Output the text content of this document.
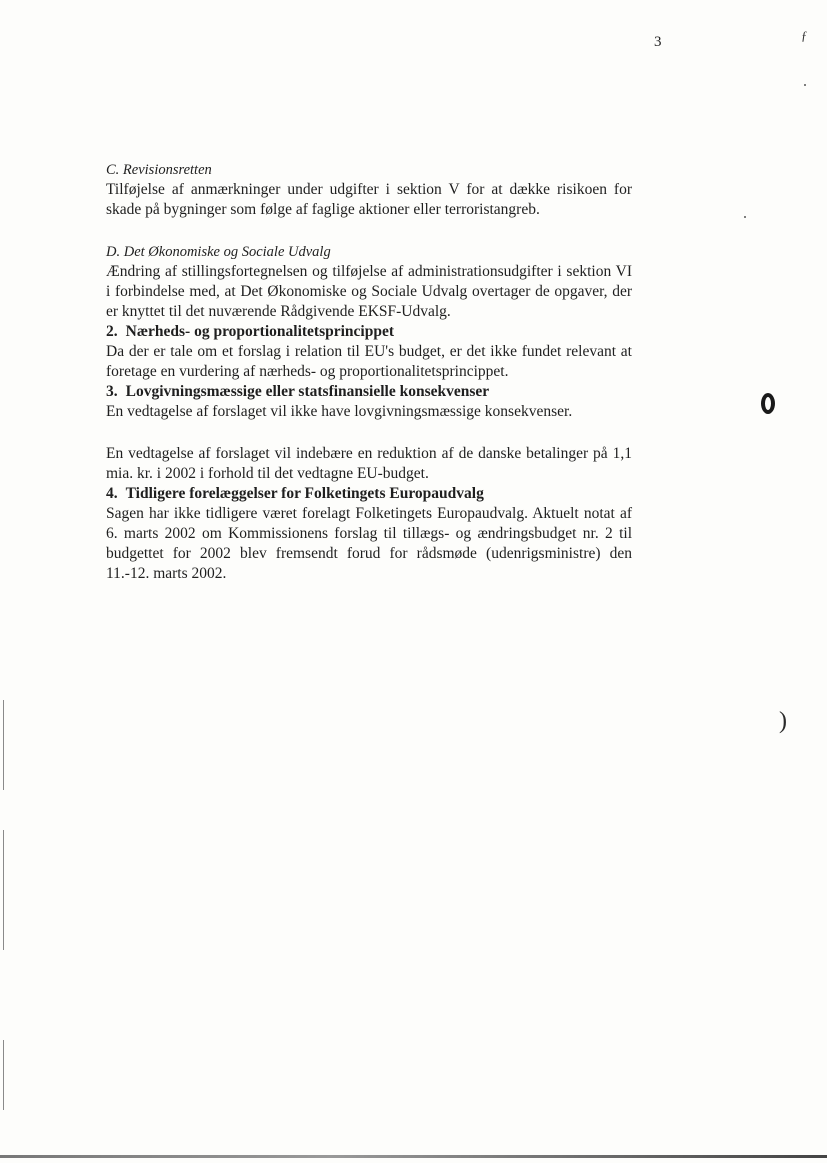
3	ƒ

C. Revisionsretten

Tilføjelse af anmærkninger under udgifter i sektion V for at dække risikoen for skade på bygninger som følge af faglige aktioner eller terroristangreb.

D. Det Økonomiske og Sociale Udvalg

Ændring af stillingsfortegnelsen og tilføjelse af administrationsudgifter i sektion VI i forbindelse med, at Det Økonomiske og Sociale Udvalg overtager de opgaver, der er knyttet til det nuværende Rådgivende EKSF-Udvalg.

2. Nærheds- og proportionalitetsprincippet

Da der er tale om et forslag i relation til EU's budget, er det ikke fundet relevant at foretage en vurdering af nærheds- og proportionalitetsprincippet.

3. Lovgivningsmæssige eller statsfinansielle konsekvenser

En vedtagelse af forslaget vil ikke have lovgivningsmæssige konsekvenser.

En vedtagelse af forslaget vil indebære en reduktion af de danske betalinger på 1,1 mia. kr. i 2002 i forhold til det vedtagne EU-budget.

4. Tidligere forelæggelser for Folketingets Europaudvalg

Sagen har ikke tidligere været forelagt Folketingets Europaudvalg. Aktuelt notat af 6. marts 2002 om Kommissionens forslag til tillægs- og ændringsbudget nr. 2 til budgettet for 2002 blev fremsendt forud for rådsmøde (udenrigsministre) den 11.-12. marts 2002.

)
